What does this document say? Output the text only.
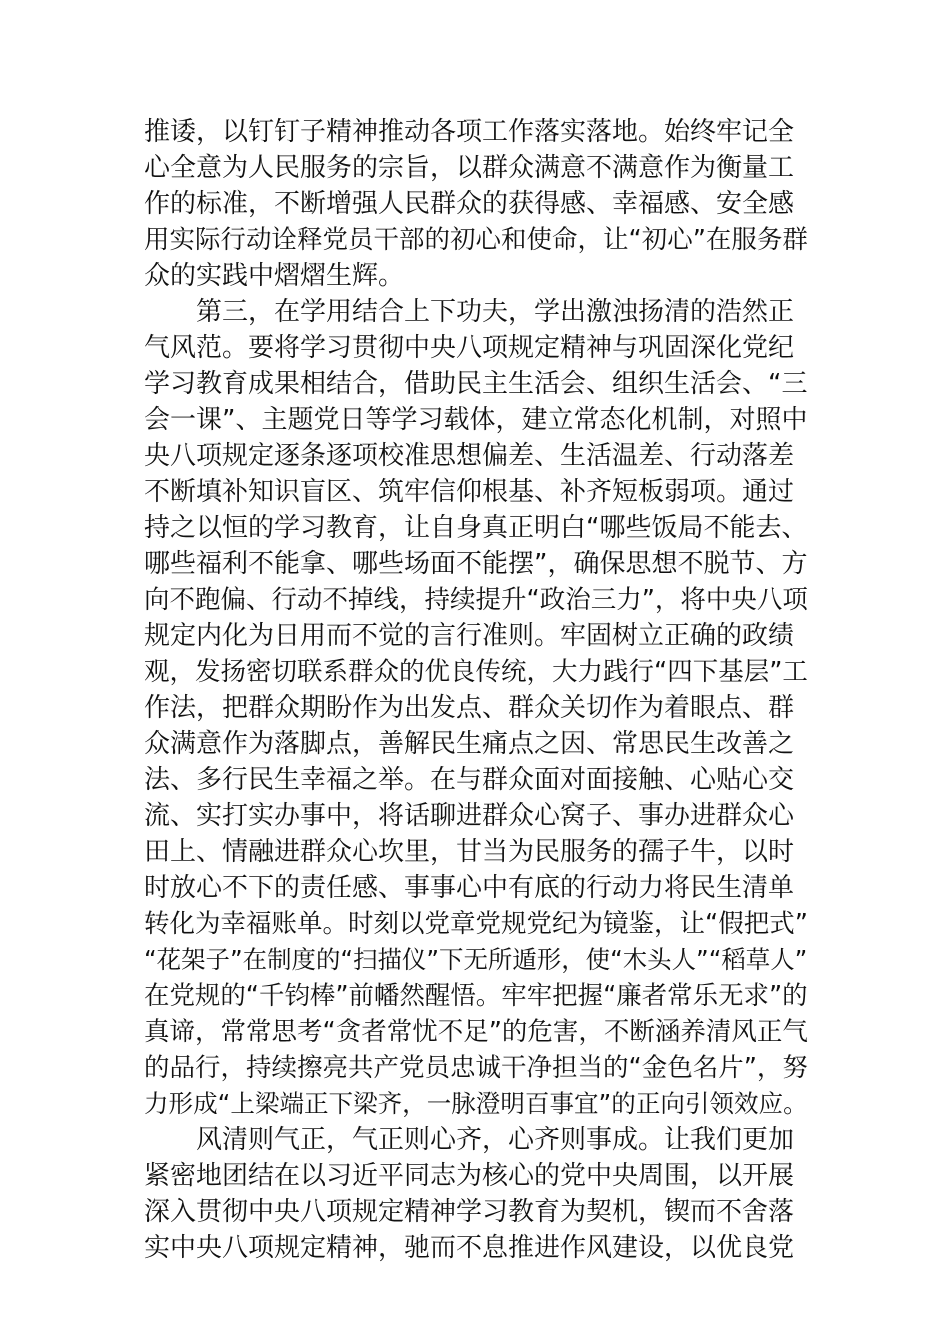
推诿，以钉钉子精神推动各项工作落实落地。始终牢记全
心全意为人民服务的宗旨，以群众满意不满意作为衡量工
作的标准，不断增强人民群众的获得感、幸福感、安全感
用实际行动诠释党员干部的初心和使命，让“初心”在服务群
众的实践中熠熠生辉。
第三，在学用结合上下功夫，学出激浊扬清的浩然正
气风范。要将学习贯彻中央八项规定精神与巩固深化党纪
学习教育成果相结合，借助民主生活会、组织生活会、“三
会一课”、主题党日等学习载体，建立常态化机制，对照中
央八项规定逐条逐项校准思想偏差、生活温差、行动落差
不断填补知识盲区、筑牢信仰根基、补齐短板弱项。通过
持之以恒的学习教育，让自身真正明白“哪些饭局不能去、
哪些福利不能拿、哪些场面不能摆”，确保思想不脱节、方
向不跑偏、行动不掉线，持续提升“政治三力”，将中央八项
规定内化为日用而不觉的言行准则。牢固树立正确的政绩
观，发扬密切联系群众的优良传统，大力践行“四下基层”工
作法，把群众期盼作为出发点、群众关切作为着眼点、群
众满意作为落脚点，善解民生痛点之因、常思民生改善之
法、多行民生幸福之举。在与群众面对面接触、心贴心交
流、实打实办事中，将话聊进群众心窝子、事办进群众心
田上、情融进群众心坎里，甘当为民服务的孺子牛，以时
时放心不下的责任感、事事心中有底的行动力将民生清单
转化为幸福账单。时刻以党章党规党纪为镜鉴，让“假把式”
“花架子”在制度的“扫描仪”下无所遁形，使“木头人”“稻草人”
在党规的“千钧棒”前幡然醒悟。牢牢把握“廉者常乐无求”的
真谛，常常思考“贪者常忧不足”的危害，不断涵养清风正气
的品行，持续擦亮共产党员忠诚干净担当的“金色名片”，努
力形成“上梁端正下梁齐，一脉澄明百事宜”的正向引领效应。
风清则气正，气正则心齐，心齐则事成。让我们更加
紧密地团结在以习近平同志为核心的党中央周围，以开展
深入贯彻中央八项规定精神学习教育为契机，锲而不舍落
实中央八项规定精神，驰而不息推进作风建设，以优良党
